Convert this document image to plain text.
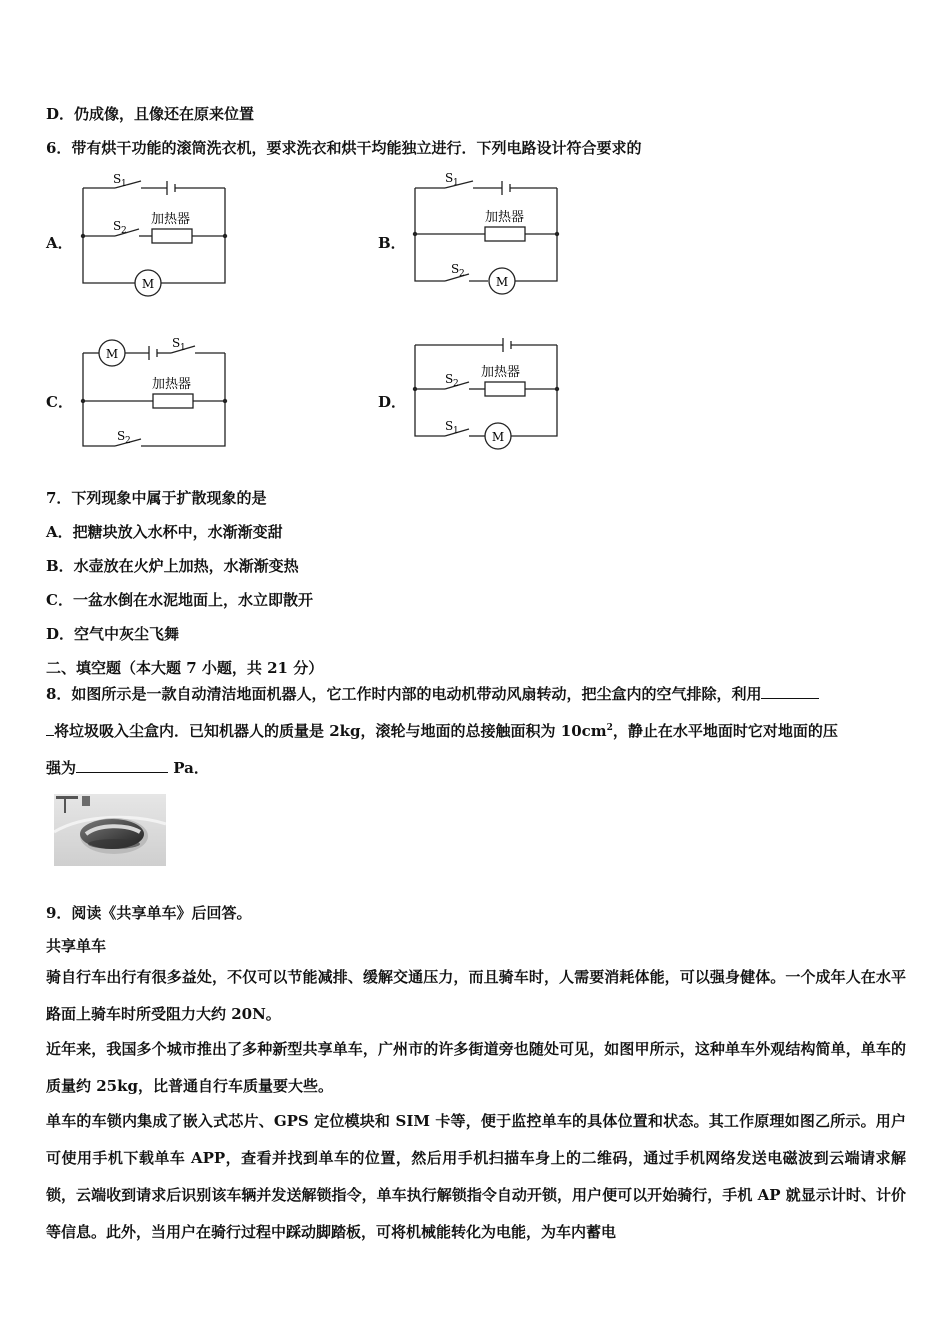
D．仍成像，且像还在原来位置
6．带有烘干功能的滚筒洗衣机，要求洗衣和烘干均能独立进行．下列电路设计符合要求的
A．	B．
C．	D．
S 1
S 2
加热器
M
S 1
加热器
S 2
M
M
S 1
加热器
S 2
加热器
S 2
S 1	M
7．下列现象中属于扩散现象的是
A．把糖块放入水杯中，水渐渐变甜
B．水壶放在火炉上加热，水渐渐变热
C．一盆水倒在水泥地面上，水立即散开
D．空气中灰尘飞舞
二、填空题（本大题 7 小题，共 21 分）
8．如图所示是一款自动清洁地面机器人，它工作时内部的电动机带动风扇转动，把尘盒内的空气排除，利用
将垃圾吸入尘盒内．已知机器人的质量是 2kg，滚轮与地面的总接触面积为 $10cm^2$，静止在水平地面时它对地面的压
强为	Pa．
9．阅读《共享单车》后回答。
共享单车
骑自行车出行有很多益处，不仅可以节能减排、缓解交通压力，而且骑车时，人需要消耗体能，可以强身健体。一个成年人在水平路面上骑车时所受阻力大约 20N。
近年来，我国多个城市推出了多种新型共享单车，广州市的许多街道旁也随处可见，如图甲所示，这种单车外观结构简单，单车的质量约 25kg，比普通自行车质量要大些。
单车的车锁内集成了嵌入式芯片、GPS 定位模块和 SIM 卡等，便于监控单车的具体位置和状态。其工作原理如图乙所示。用户可使用手机下载单车 APP，查看并找到单车的位置，然后用手机扫描车身上的二维码，通过手机网络发送电磁波到云端请求解锁，云端收到请求后识别该车辆并发送解锁指令，单车执行解锁指令自动开锁，用户便可以开始骑行，手机 AP 就显示计时、计价等信息。此外，当用户在骑行过程中踩动脚踏板，可将机械能转化为电能，为车内蓄电
